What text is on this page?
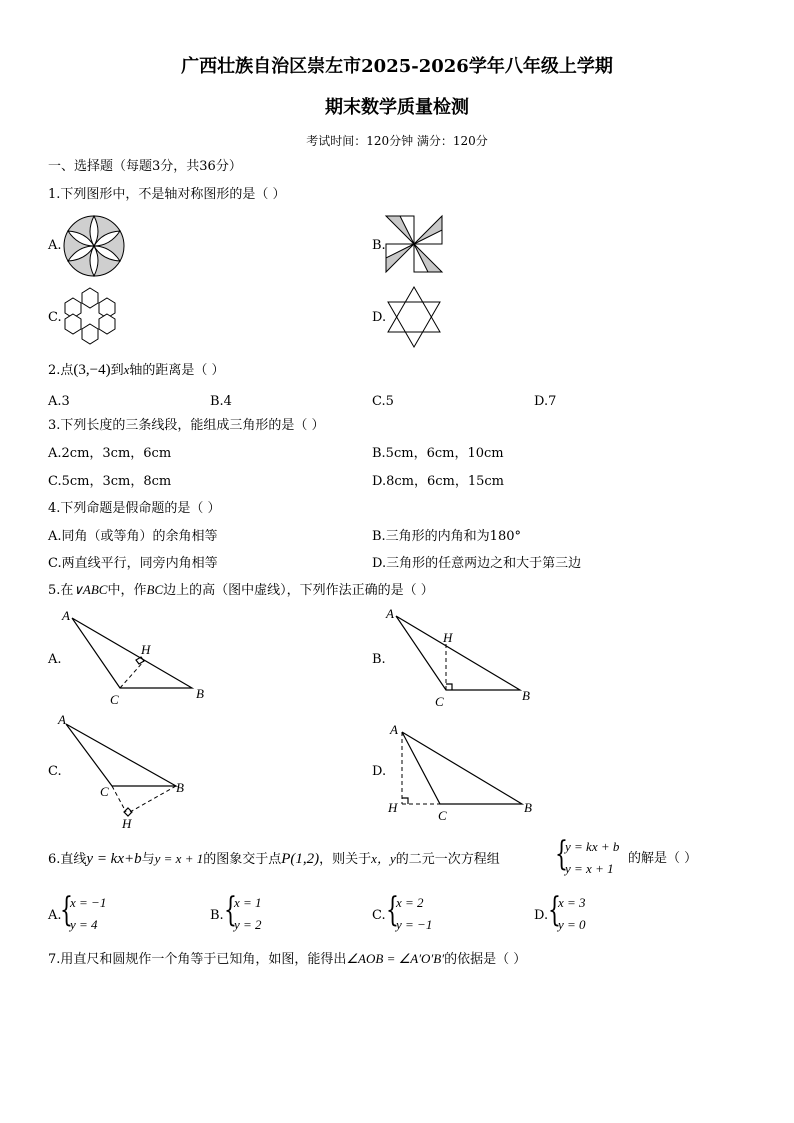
广西壮族自治区崇左市2025-2026学年八年级上学期
期末数学质量检测
考试时间：120分钟 满分：120分
一、选择题（每题3分，共36分）
1.下列图形中，不是轴对称图形的是（ ）
A.	B.
C.	D.
2.点(3,−4)到x轴的距离是（ ）
A.3	B.4	C.5	D.7
3.下列长度的三条线段，能组成三角形的是（ ）
A.2cm，3cm，6cm	B.5cm，6cm，10cm
C.5cm，3cm，8cm	D.8cm，6cm，15cm
4.下列命题是假命题的是（ ）
A.同角（或等角）的余角相等	B.三角形的内角和为180°
C.两直线平行，同旁内角相等	D.三角形的任意两边之和大于第三边
5.在∨ABC中，作BC边上的高（图中虚线），下列作法正确的是（ ）
A.
A
B
C
H
B.
A
B
C
H
C.
A
B
C
H
D.
A
B
C
H
6.直线y = kx+b与y = x + 1的图象交于点P(1,2)，则关于x，y的二元一次方程组 {
y = kx + b
y = x + 1
的解是（ ）
A.
{
x = −1
y = 4
B. {
x = 1
y = 2
C. {
x = 2
y = −1
D. {
x = 3
y = 0
7.用直尺和圆规作一个角等于已知角，如图，能得出∠AOB = ∠A′O′B′的依据是（ ）
